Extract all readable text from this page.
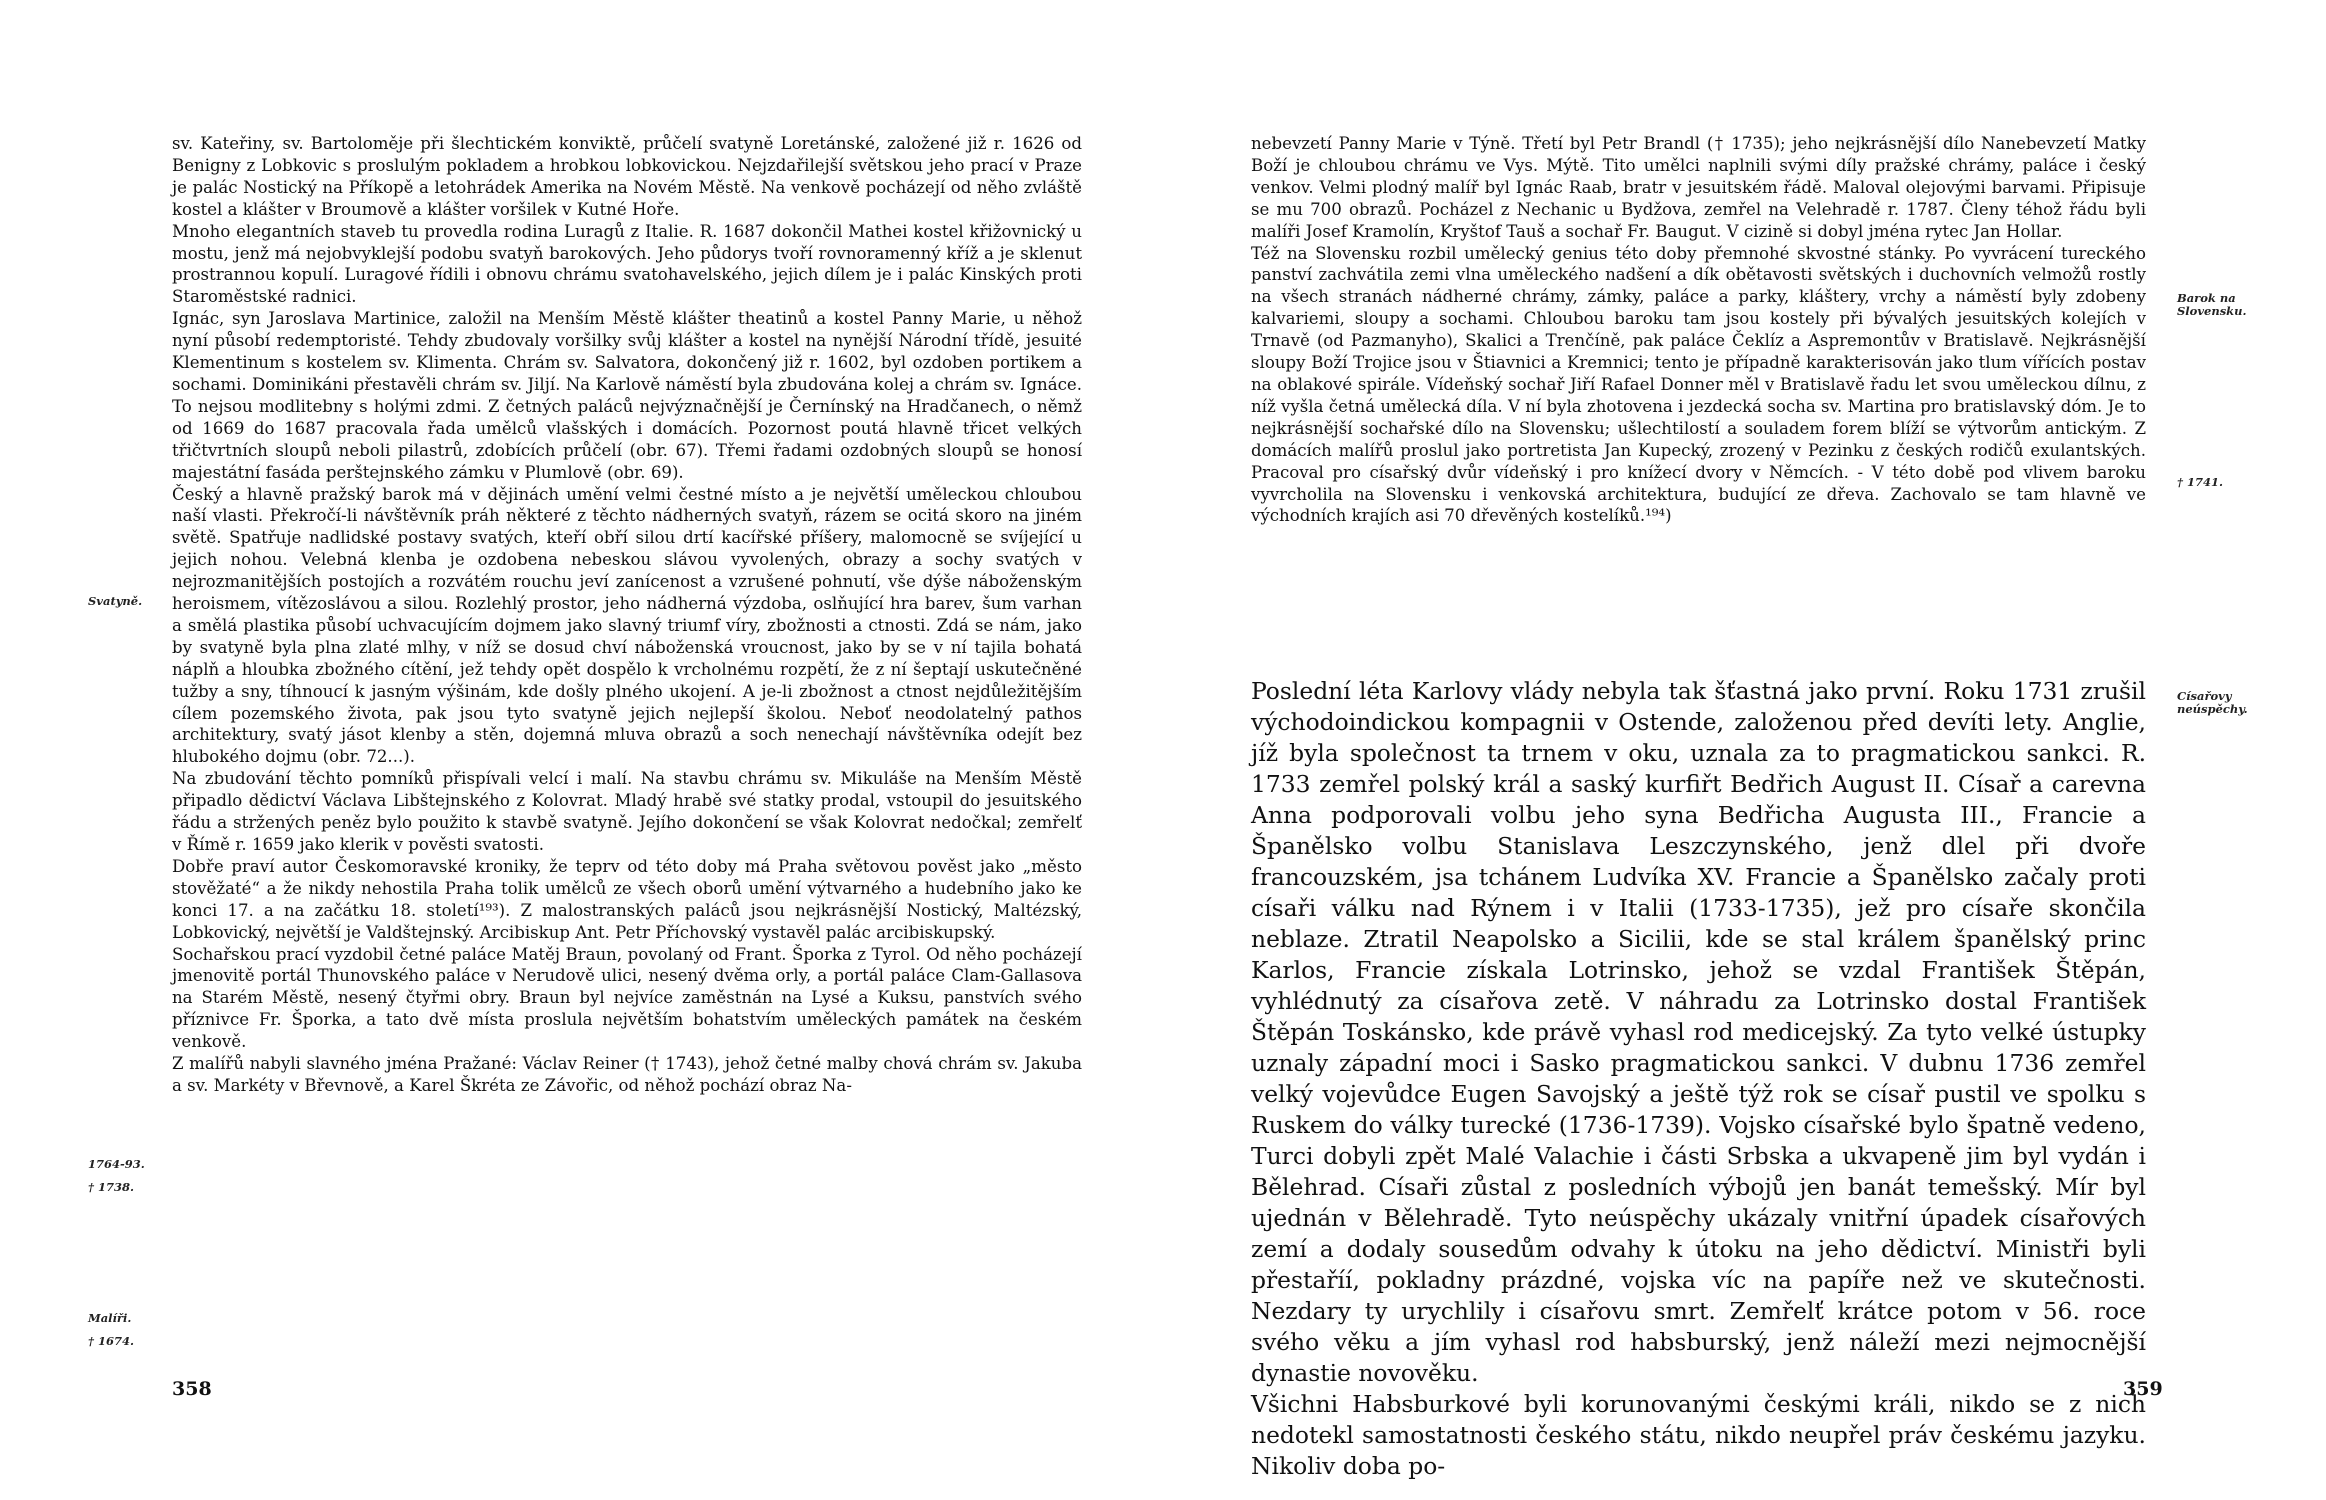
sv. Kateřiny, sv. Bartoloměje při šlechtickém konviktě, průčelí svatyně Loretánské, založené již r. 1626 od Benigny z Lobkovic s proslulým pokladem a hrobkou lobkovickou. Nejzdařilejší světskou jeho prací v Praze je palác Nostický na Příkopě a letohrádek Amerika na Novém Městě. Na venkově pocházejí od něho zvláště kostel a klášter v Broumově a klášter voršilek v Kutné Hoře.

Mnoho elegantních staveb tu provedla rodina Luragů z Italie. R. 1687 dokončil Mathei kostel křižovnický u mostu, jenž má nejobvyklejší podobu svatyň barokových. Jeho půdorys tvoří rovnoramenný kříž a je sklenut prostrannou kopulí. Luragové řídili i obnovu chrámu svatohavelského, jejich dílem je i palác Kinských proti Staroměstské radnici.

Ignác, syn Jaroslava Martinice, založil na Menším Městě klášter theatinů a kostel Panny Marie, u něhož nyní působí redemptoristé. Tehdy zbudovaly voršilky svůj klášter a kostel na nynější Národní třídě, jesuité Klementinum s kostelem sv. Klimenta. Chrám sv. Salvatora, dokončený již r. 1602, byl ozdoben portikem a sochami. Dominikáni přestavěli chrám sv. Jiljí. Na Karlově náměstí byla zbudována kolej a chrám sv. Ignáce. To nejsou modlitebny s holými zdmi. Z četných paláců nejvýznačnější je Černínský na Hradčanech, o němž od 1669 do 1687 pracovala řada umělců vlašských i domácích. Pozornost poutá hlavně třicet velkých třičtvrtních sloupů neboli pilastrů, zdobících průčelí (obr. 67). Třemi řadami ozdobných sloupů se honosí majestátní fasáda perštejnského zámku v Plumlově (obr. 69).

Český a hlavně pražský barok má v dějinách umění velmi čestné místo a je největší uměleckou chloubou naší vlasti. Překročí-li návštěvník práh některé z těchto nádherných svatyň, rázem se ocitá skoro na jiném světě. Spatřuje nadlidské postavy svatých, kteří obří silou drtí kacířské příšery, malomocně se svíjející u jejich nohou. Velebná klenba je ozdobena nebeskou slávou vyvolených, obrazy a sochy svatých v nejrozmanitějších postojích a rozvátém rouchu jeví zanícenost a vzrušené pohnutí, vše dýše náboženským heroismem, vítězoslávou a silou. Rozlehlý prostor, jeho nádherná výzdoba, oslňující hra barev, šum varhan a smělá plastika působí uchvacujícím dojmem jako slavný triumf víry, zbožnosti a ctnosti. Zdá se nám, jako by svatyně byla plna zlaté mlhy, v níž se dosud chví náboženská vroucnost, jako by se v ní tajila bohatá náplň a hloubka zbožného cítění, jež tehdy opět dospělo k vrcholnému rozpětí, že z ní šeptají uskutečněné tužby a sny, tíhnoucí k jasným výšinám, kde došly plného ukojení. A je-li zbožnost a ctnost nejdůležitějším cílem pozemského života, pak jsou tyto svatyně jejich nejlepší školou. Neboť neodolatelný pathos architektury, svatý jásot klenby a stěn, dojemná mluva obrazů a soch nenechají návštěvníka odejít bez hlubokého dojmu (obr. 72...).

Na zbudování těchto pomníků přispívali velcí i malí. Na stavbu chrámu sv. Mikuláše na Menším Městě připadlo dědictví Václava Libštejnského z Kolovrat. Mladý hrabě své statky prodal, vstoupil do jesuitského řádu a stržených peněz bylo použito k stavbě svatyně. Jejího dokončení se však Kolovrat nedočkal; zemřelť v Římě r. 1659 jako klerik v pověsti svatosti.

Dobře praví autor Českomoravské kroniky, že teprv od této doby má Praha světovou pověst jako „město stověžaté“ a že nikdy nehostila Praha tolik umělců ze všech oborů umění výtvarného a hudebního jako ke konci 17. a na začátku 18. století¹⁹³). Z malostranských paláců jsou nejkrásnější Nostický, Maltézský, Lobkovický, největší je Valdštejnský. Arcibiskup Ant. Petr Příchovský vystavěl palác arcibiskupský.

Sochařskou prací vyzdobil četné paláce Matěj Braun, povolaný od Frant. Šporka z Tyrol. Od něho pocházejí jmenovitě portál Thunovského paláce v Nerudově ulici, nesený dvěma orly, a portál paláce Clam-Gallasova na Starém Městě, nesený čtyřmi obry. Braun byl nejvíce zaměstnán na Lysé a Kuksu, panstvích svého příznivce Fr. Šporka, a tato dvě místa proslula největším bohatstvím uměleckých památek na českém venkově.

Z malířů nabyli slavného jména Pražané: Václav Reiner († 1743), jehož četné malby chová chrám sv. Jakuba a sv. Markéty v Břevnově, a Karel Škréta ze Závořic, od něhož pochází obraz Na-

Svatyně.
1764-93.
† 1738.
Malíři.
† 1674.
358

nebevzetí Panny Marie v Týně. Třetí byl Petr Brandl († 1735); jeho nejkrásnější dílo Nanebevzetí Matky Boží je chloubou chrámu ve Vys. Mýtě. Tito umělci naplnili svými díly pražské chrámy, paláce i český venkov. Velmi plodný malíř byl Ignác Raab, bratr v jesuitském řádě. Maloval olejovými barvami. Připisuje se mu 700 obrazů. Pocházel z Nechanic u Bydžova, zemřel na Velehradě r. 1787. Členy téhož řádu byli malíři Josef Kramolín, Kryštof Tauš a sochař Fr. Baugut. V cizině si dobyl jména rytec Jan Hollar.

Též na Slovensku rozbil umělecký genius této doby přemnohé skvostné stánky. Po vyvrácení tureckého panství zachvátila zemi vlna uměleckého nadšení a dík obětavosti světských i duchovních velmožů rostly na všech stranách nádherné chrámy, zámky, paláce a parky, kláštery, vrchy a náměstí byly zdobeny kalvariemi, sloupy a sochami. Chloubou baroku tam jsou kostely při bývalých jesuitských kolejích v Trnavě (od Pazmanyho), Skalici a Trenčíně, pak paláce Čeklíz a Aspremontův v Bratislavě. Nejkrásnější sloupy Boží Trojice jsou v Štiavnici a Kremnici; tento je případně karakterisován jako tlum vířících postav na oblakové spirále. Vídeňský sochař Jiří Rafael Donner měl v Bratislavě řadu let svou uměleckou dílnu, z níž vyšla četná umělecká díla. V ní byla zhotovena i jezdecká socha sv. Martina pro bratislavský dóm. Je to nejkrásnější sochařské dílo na Slovensku; ušlechtilostí a souladem forem blíží se výtvorům antickým. Z domácích malířů proslul jako portretista Jan Kupecký, zrozený v Pezinku z českých rodičů exulantských. Pracoval pro císařský dvůr vídeňský i pro knížecí dvory v Němcích. - V této době pod vlivem baroku vyvrcholila na Slovensku i venkovská architektura, budující ze dřeva. Zachovalo se tam hlavně ve východních krajích asi 70 dřevěných kostelíků.¹⁹⁴)

Poslední léta Karlovy vlády nebyla tak šťastná jako první. Roku 1731 zrušil východoindickou kompagnii v Ostende, založenou před devíti lety. Anglie, jíž byla společnost ta trnem v oku, uznala za to pragmatickou sankci. R. 1733 zemřel polský král a saský kurfiřt Bedřich August II. Císař a carevna Anna podporovali volbu jeho syna Bedřicha Augusta III., Francie a Španělsko volbu Stanislava Leszczynského, jenž dlel při dvoře francouzském, jsa tchánem Ludvíka XV. Francie a Španělsko začaly proti císaři válku nad Rýnem i v Italii (1733-1735), jež pro císaře skončila neblaze. Ztratil Neapolsko a Sicilii, kde se stal králem španělský princ Karlos, Francie získala Lotrinsko, jehož se vzdal František Štěpán, vyhlédnutý za císařova zetě. V náhradu za Lotrinsko dostal František Štěpán Toskánsko, kde právě vyhasl rod medicejský. Za tyto velké ústupky uznaly západní moci i Sasko pragmatickou sankci. V dubnu 1736 zemřel velký vojevůdce Eugen Savojský a ještě týž rok se císař pustil ve spolku s Ruskem do války turecké (1736-1739). Vojsko císařské bylo špatně vedeno, Turci dobyli zpět Malé Valachie i části Srbska a ukvapeně jim byl vydán i Bělehrad. Císaři zůstal z posledních výbojů jen banát temešský. Mír byl ujednán v Bělehradě. Tyto neúspěchy ukázaly vnitřní úpadek císařových zemí a dodaly sousedům odvahy k útoku na jeho dědictví. Ministři byli přestaříí, pokladny prázdné, vojska víc na papíře než ve skutečnosti. Nezdary ty urychlily i císařovu smrt. Zemřelť krátce potom v 56. roce svého věku a jím vyhasl rod habsburský, jenž náleží mezi nejmocnější dynastie novověku.

Všichni Habsburkové byli korunovanými českými králi, nikdo se z nich nedotekl samostatnosti českého státu, nikdo neupřel práv českému jazyku. Nikoliv doba po-

Barok na Slovensku.
† 1741.
Císařovy neúspěchy.
359
